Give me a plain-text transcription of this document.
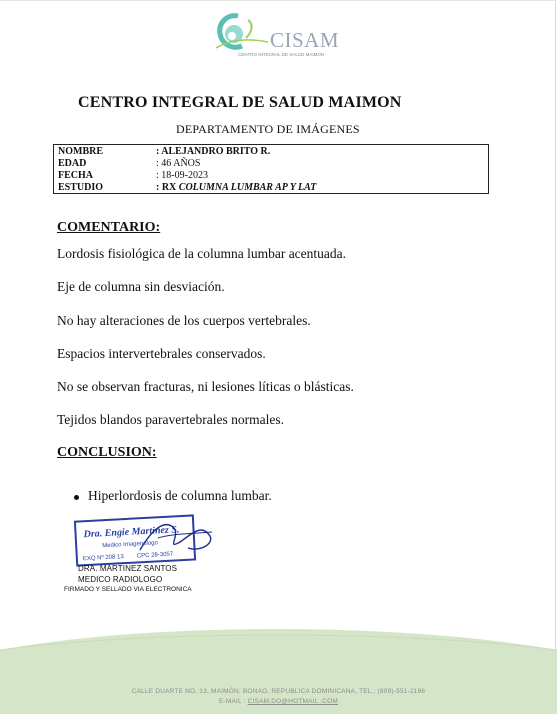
CISAM
CENTRO INTEGRAL DE SALUD MAIMON
CENTRO INTEGRAL DE SALUD MAIMON
DEPARTAMENTO DE IMÁGENES
NOMBRE	: ALEJANDRO BRITO R.
EDAD	: 46 AÑOS
FECHA	: 18-09-2023
ESTUDIO	: RX COLUMNA LUMBAR AP Y LAT
COMENTARIO:
Lordosis fisiológica de la columna lumbar acentuada.
Eje de columna sin desviación.
No hay alteraciones de los cuerpos vertebrales.
Espacios intervertebrales conservados.
No se observan fracturas, ni lesiones líticas o blásticas.
Tejidos blandos paravertebrales normales.
CONCLUSION:
Hiperlordosis de columna lumbar.
Dra. Engie Martinez S.
Medico Imagenologo
EXQ Nº 208 13 CPC 28-3057
DRA. MARTINEZ SANTOS
MEDICO RADIOLOGO
FIRMADO Y SELLADO VIA ELECTRONICA
CALLE DUARTE NO. 13, MAIMÓN, BONAO, REPUBLICA DOMINICANA, TEL.: (809)-551-2196
E-MAIL : CISAM.DO@HOTMAIL .COM
